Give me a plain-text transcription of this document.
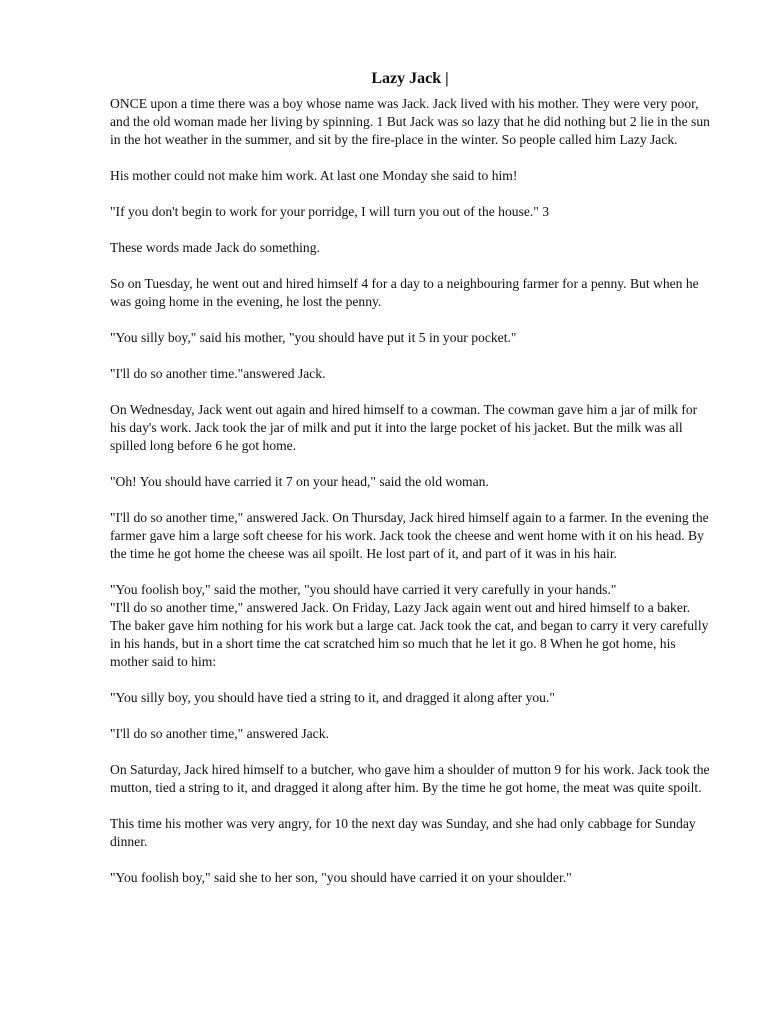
Lazy Jack |

ONCE upon a time there was a boy whose name was Jack. Jack lived with his mother. They were very poor, and the old woman made her living by spinning. 1 But Jack was so lazy that he did nothing but 2 lie in the sun in the hot weather in the summer, and sit by the fire-place in the winter. So people called him Lazy Jack.

His mother could not make him work. At last one Monday she said to him!

"If you don't begin to work for your porridge, I will turn you out of the house." 3

These words made Jack do something.

So on Tuesday, he went out and hired himself 4 for a day to a neighbouring farmer for a penny. But when he was going home in the evening, he lost the penny.

"You silly boy," said his mother, "you should have put it 5 in your pocket."

"I'll do so another time."answered Jack.

On Wednesday, Jack went out again and hired himself to a cowman. The cowman gave him a jar of milk for his day's work. Jack took the jar of milk and put it into the large pocket of his jacket. But the milk was all spilled long before 6 he got home.

"Oh! You should have carried it 7 on your head," said the old woman.

"I'll do so another time," answered Jack. On Thursday, Jack hired himself again to a farmer. In the evening the farmer gave him a large soft cheese for his work. Jack took the cheese and went home with it on his head. By the time he got home the cheese was ail spoilt. He lost part of it, and part of it was in his hair.

"You foolish boy," said the mother, "you should have carried it very carefully in your hands."

"I'll do so another time," answered Jack. On Friday, Lazy Jack again went out and hired himself to a baker. The baker gave him nothing for his work but a large cat. Jack took the cat, and began to carry it very carefully in his hands, but in a short time the cat scratched him so much that he let it go. 8 When he got home, his mother said to him:

"You silly boy, you should have tied a string to it, and dragged it along after you."

"I'll do so another time," answered Jack.

On Saturday, Jack hired himself to a butcher, who gave him a shoulder of mutton 9 for his work. Jack took the mutton, tied a string to it, and dragged it along after him. By the time he got home, the meat was quite spoilt.

This time his mother was very angry, for 10 the next day was Sunday, and she had only cabbage for Sunday dinner.

"You foolish boy," said she to her son, "you should have carried it on your shoulder."
